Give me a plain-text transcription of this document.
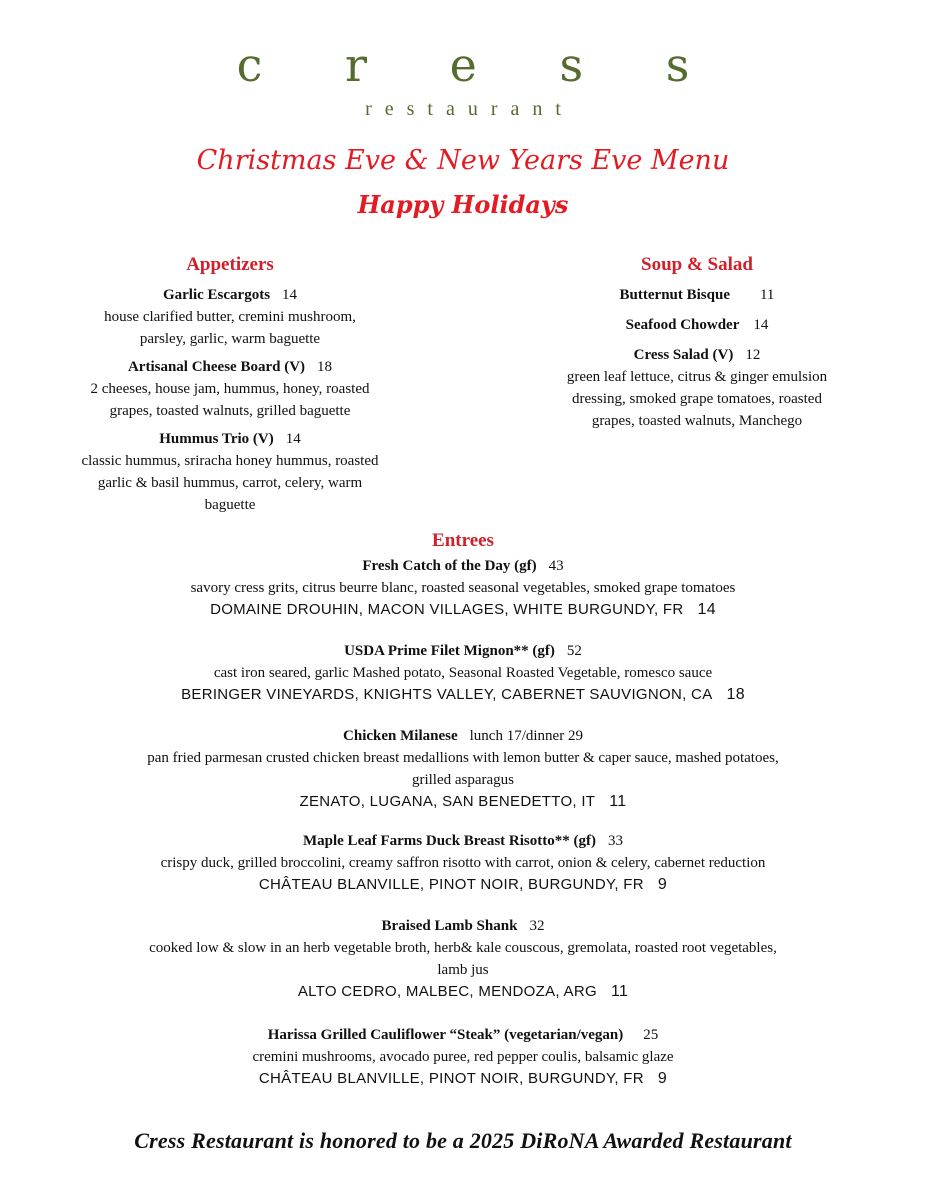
c r e s s
restaurant
Christmas Eve & New Years Eve Menu
Happy Holidays
Appetizers
Garlic Escargots 14
house clarified butter, cremini mushroom,
parsley, garlic, warm baguette
Artisanal Cheese Board (V) 18
2 cheeses, house jam, hummus, honey, roasted
grapes, toasted walnuts, grilled baguette
Hummus Trio (V) 14
classic hummus, sriracha honey hummus, roasted
garlic & basil hummus, carrot, celery, warm
baguette
Soup & Salad
Butternut Bisque 11
Seafood Chowder 14
Cress Salad (V) 12
green leaf lettuce, citrus & ginger emulsion
dressing, smoked grape tomatoes, roasted
grapes, toasted walnuts, Manchego
Entrees
Fresh Catch of the Day (gf) 43
savory cress grits, citrus beurre blanc, roasted seasonal vegetables, smoked grape tomatoes
DOMAINE DROUHIN, MACON VILLAGES, WHITE BURGUNDY, FR 14
USDA Prime Filet Mignon** (gf) 52
cast iron seared, garlic Mashed potato, Seasonal Roasted Vegetable, romesco sauce
BERINGER VINEYARDS, KNIGHTS VALLEY, CABERNET SAUVIGNON, CA 18
Chicken Milanese lunch 17/dinner 29
pan fried parmesan crusted chicken breast medallions with lemon butter & caper sauce, mashed potatoes,
grilled asparagus
ZENATO, LUGANA, SAN BENEDETTO, IT 11
Maple Leaf Farms Duck Breast Risotto** (gf) 33
crispy duck, grilled broccolini, creamy saffron risotto with carrot, onion & celery, cabernet reduction
CHÂTEAU BLANVILLE, PINOT NOIR, BURGUNDY, FR 9
Braised Lamb Shank 32
cooked low & slow in an herb vegetable broth, herb& kale couscous, gremolata, roasted root vegetables,
lamb jus
ALTO CEDRO, MALBEC, MENDOZA, ARG 11
Harissa Grilled Cauliflower “Steak” (vegetarian/vegan) 25
cremini mushrooms, avocado puree, red pepper coulis, balsamic glaze
CHÂTEAU BLANVILLE, PINOT NOIR, BURGUNDY, FR 9
Cress Restaurant is honored to be a 2025 DiRoNA Awarded Restaurant
